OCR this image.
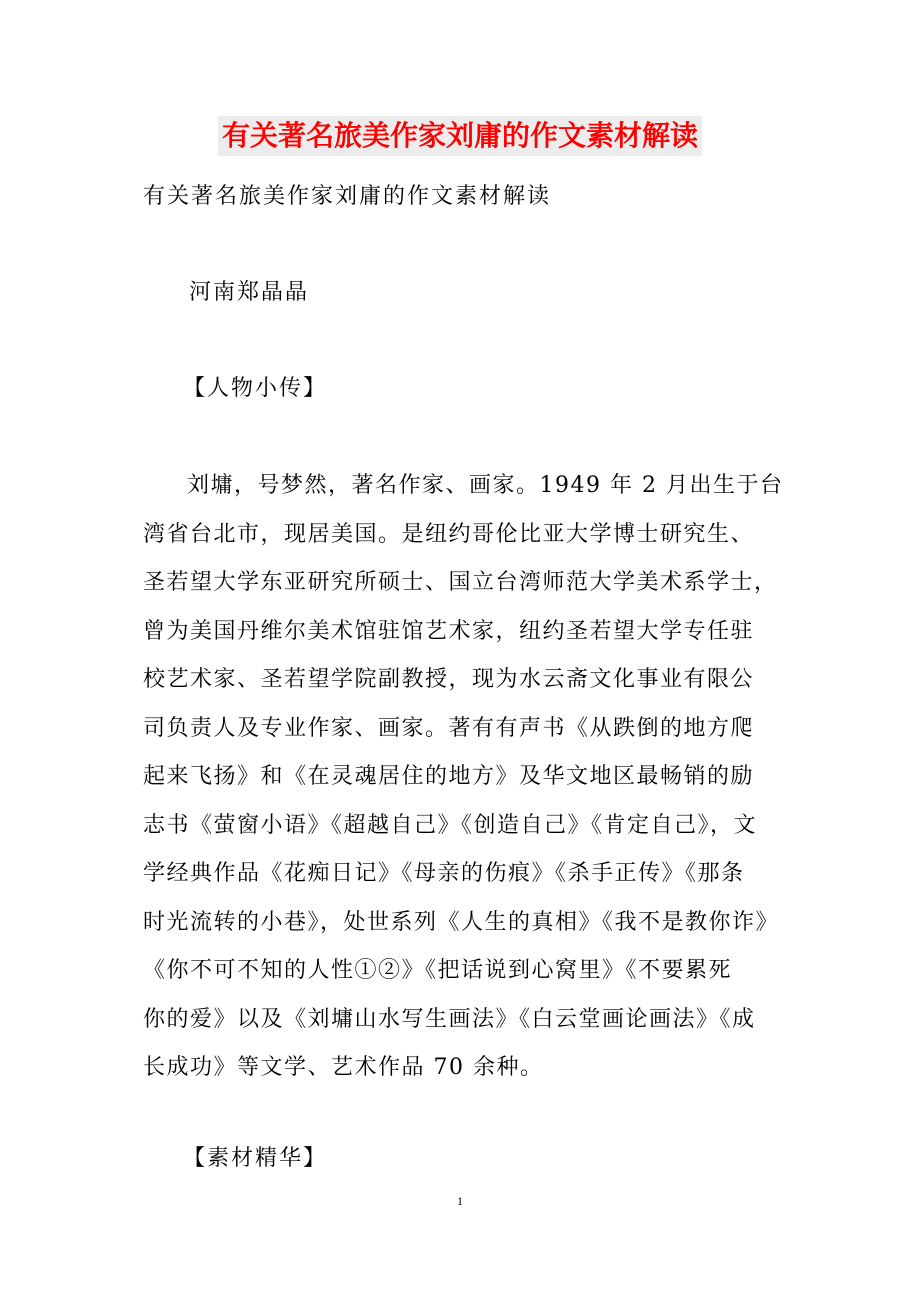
有关著名旅美作家刘庸的作文素材解读
有关著名旅美作家刘庸的作文素材解读
河南郑晶晶
【人物小传】
刘墉，号梦然，著名作家、画家。1949 年 2 月出生于台
湾省台北市，现居美国。是纽约哥伦比亚大学博士研究生、
圣若望大学东亚研究所硕士、国立台湾师范大学美术系学士，
曾为美国丹维尔美术馆驻馆艺术家，纽约圣若望大学专任驻
校艺术家、圣若望学院副教授，现为水云斋文化事业有限公
司负责人及专业作家、画家。著有有声书《从跌倒的地方爬
起来飞扬》和《在灵魂居住的地方》及华文地区最畅销的励
志书《萤窗小语》《超越自己》《创造自己》《肯定自己》，文
学经典作品《花痴日记》《母亲的伤痕》《杀手正传》《那条
时光流转的小巷》，处世系列《人生的真相》《我不是教你诈》
《你不可不知的人性①②》《把话说到心窝里》《不要累死
你的爱》以及《刘墉山水写生画法》《白云堂画论画法》《成
长成功》等文学、艺术作品 70 余种。
【素材精华】
1
